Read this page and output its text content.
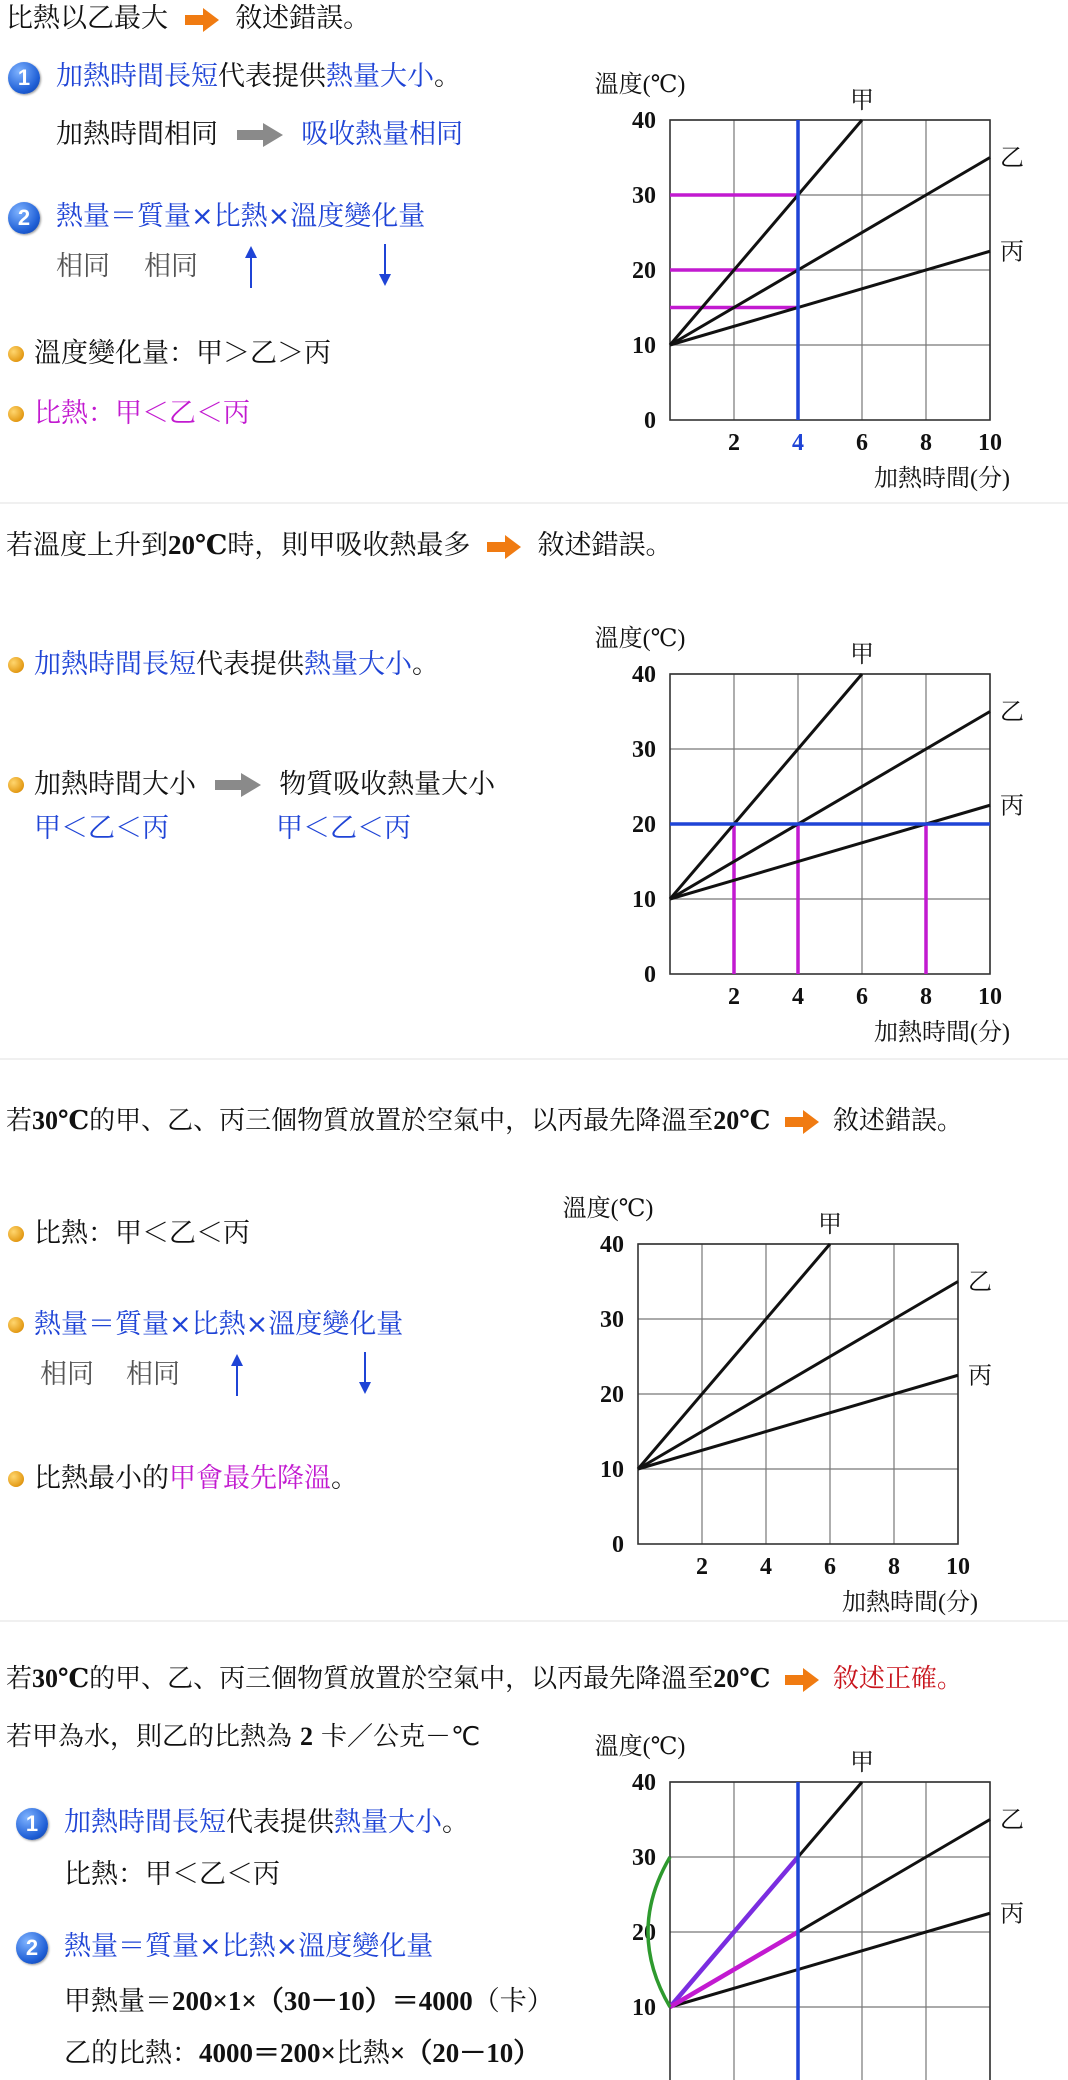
比熱以乙最大 敘述錯誤。
1 加熱時間長短代表提供熱量大小。
加熱時間相同	吸收熱量相同
2 熱量＝質量×比熱×溫度變化量
相同 相同
溫度變化量：甲＞乙＞丙
比熱：甲＜乙＜丙	0
10
20
30
40
2 4 6 8 10
溫度(℃)
加熱時間(分)
甲
乙
丙
若溫度上升到20℃時，則甲吸收熱最多 敘述錯誤。
加熱時間長短代表提供熱量大小。
加熱時間大小	物質吸收熱量大小
甲＜乙＜丙	甲＜乙＜丙
0
10
20
30
40
2 4 6 8 10
溫度(℃)
加熱時間(分)
甲
乙
丙
若30℃的甲、乙、丙三個物質放置於空氣中，以丙最先降溫至20℃ 敘述錯誤。
比熱：甲＜乙＜丙
熱量＝質量×比熱×溫度變化量
相同 相同
比熱最小的甲會最先降溫。
0
10
20
30
40
2 4 6 8 10
溫度(℃)
加熱時間(分)
甲
乙
丙
若30℃的甲、乙、丙三個物質放置於空氣中，以丙最先降溫至20℃ 敘述正確。
若甲為水，則乙的比熱為 2 卡／公克－℃
1 加熱時間長短代表提供熱量大小。
比熱：甲＜乙＜丙
2 熱量＝質量×比熱×溫度變化量
甲熱量＝200×1×（30－10）＝4000（卡）
乙的比熱：4000＝200×比熱×（20－10）
10
20
30
40
溫度(℃)
甲
乙
丙
